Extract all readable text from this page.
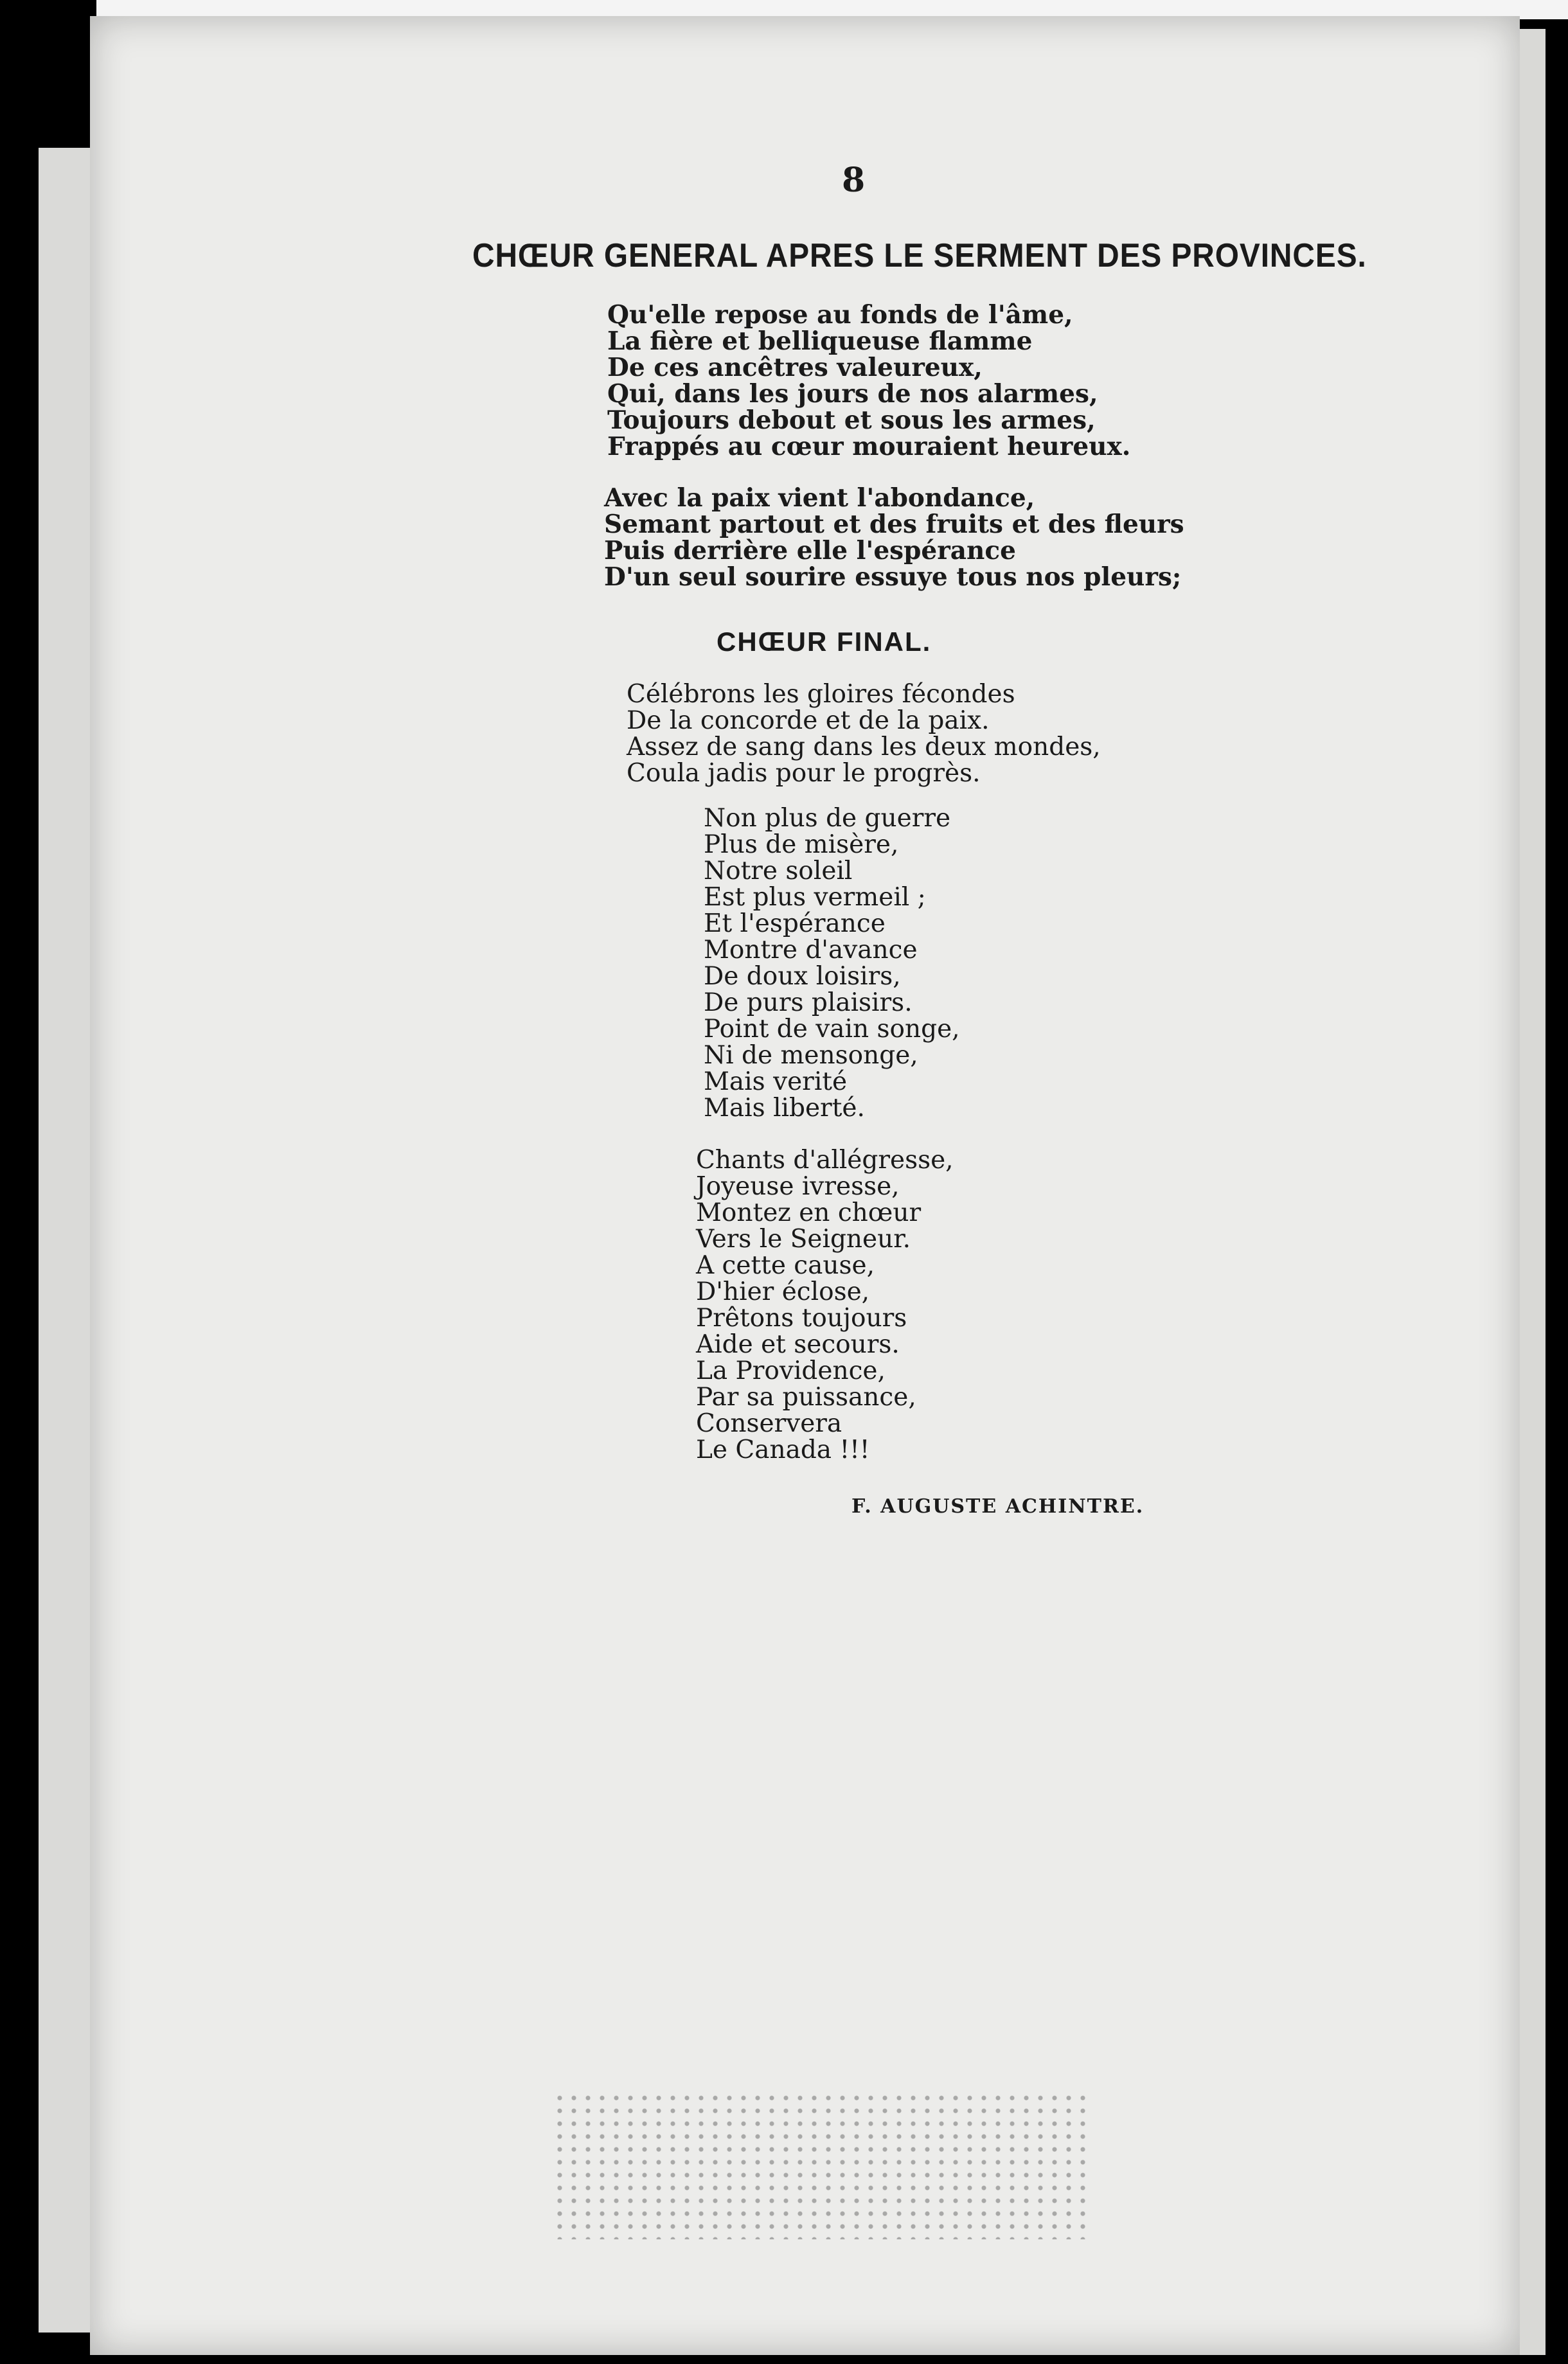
8
CHŒUR GENERAL APRES LE SERMENT DES PROVINCES.
Qu'elle repose au fonds de l'âme,
La fière et belliqueuse flamme
De ces ancêtres valeureux,
Qui, dans les jours de nos alarmes,
Toujours debout et sous les armes,
Frappés au cœur mouraient heureux.
Avec la paix vient l'abondance,
Semant partout et des fruits et des fleurs
Puis derrière elle l'espérance
D'un seul sourire essuye tous nos pleurs;
CHŒUR FINAL.
Célébrons les gloires fécondes
De la concorde et de la paix.
Assez de sang dans les deux mondes,
Coula jadis pour le progrès.
Non plus de guerre
Plus de misère,
Notre soleil
Est plus vermeil ;
Et l'espérance
Montre d'avance
De doux loisirs,
De purs plaisirs.
Point de vain songe,
Ni de mensonge,
Mais verité
Mais liberté.
Chants d'allégresse,
Joyeuse ivresse,
Montez en chœur
Vers le Seigneur.
A cette cause,
D'hier éclose,
Prêtons toujours
Aide et secours.
La Providence,
Par sa puissance,
Conservera
Le Canada !!!
F. AUGUSTE ACHINTRE.
